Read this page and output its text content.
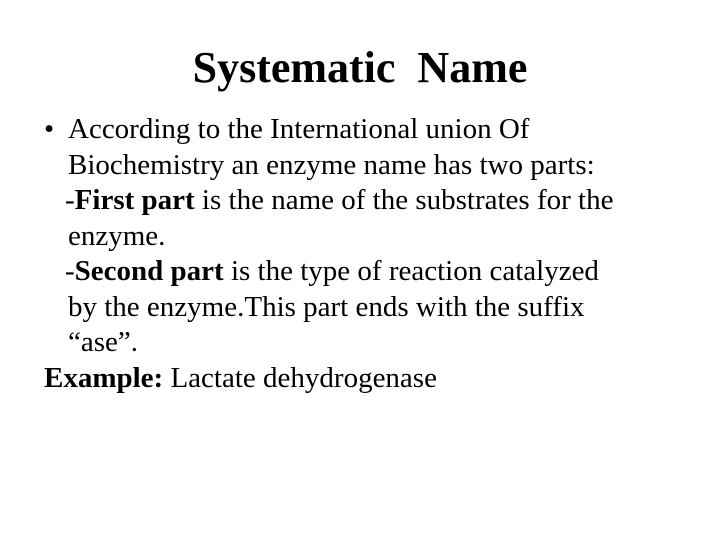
Systematic  Name
• According to the International union Of
Biochemistry an enzyme name has two parts:
-First part is the name of the substrates for the
enzyme.
-Second part is the type of reaction catalyzed
by the enzyme.This part ends with the suffix
“ase”.
Example: Lactate dehydrogenase
